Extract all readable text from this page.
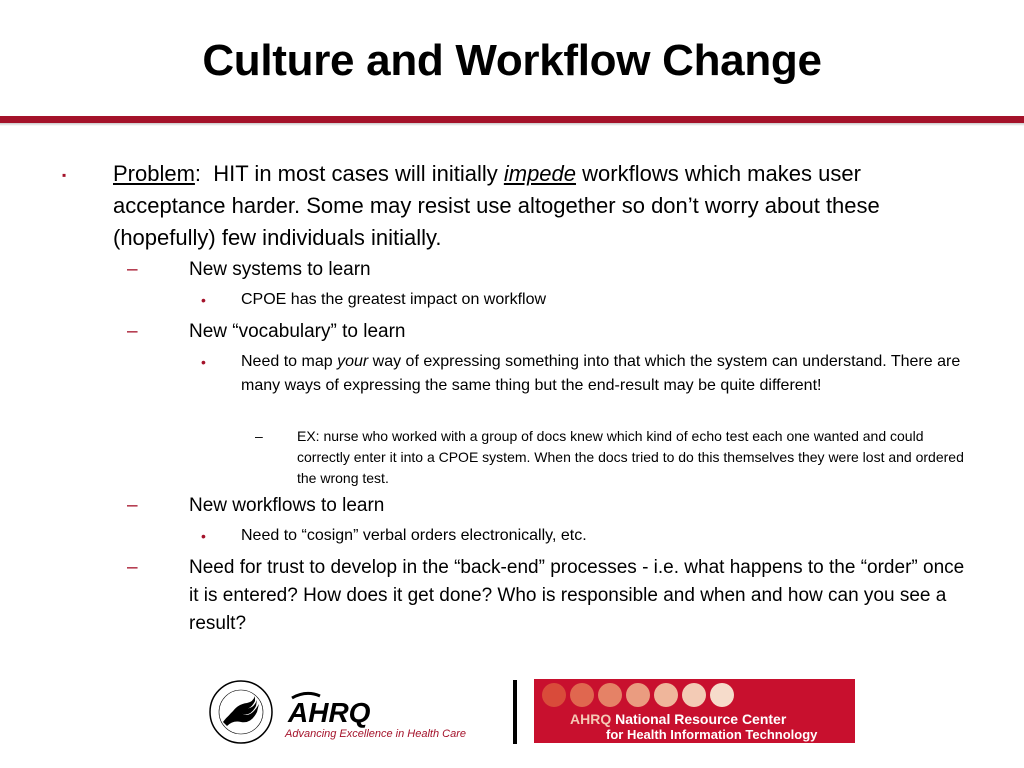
Culture and Workflow Change
▪ Problem: HIT in most cases will initially impede workflows which makes user acceptance harder. Some may resist use altogether so don’t worry about these (hopefully) few individuals initially.
–	New systems to learn
• CPOE has the greatest impact on workflow
–	New “vocabulary” to learn
• Need to map your way of expressing something into that which the system can understand. There are many ways of expressing the same thing but the end-result may be quite different!
– EX: nurse who worked with a group of docs knew which kind of echo test each one wanted and could correctly enter it into a CPOE system. When the docs tried to do this themselves they were lost and ordered the wrong test.
–	New workflows to learn
• Need to “cosign” verbal orders electronically, etc.
–	Need for trust to develop in the “back-end” processes - i.e. what happens to the “order” once it is entered? How does it get done? Who is responsible and when and how can you see a result?
AHRQ
Advancing Excellence in Health Care
AHRQ National Resource Center
for Health Information Technology
